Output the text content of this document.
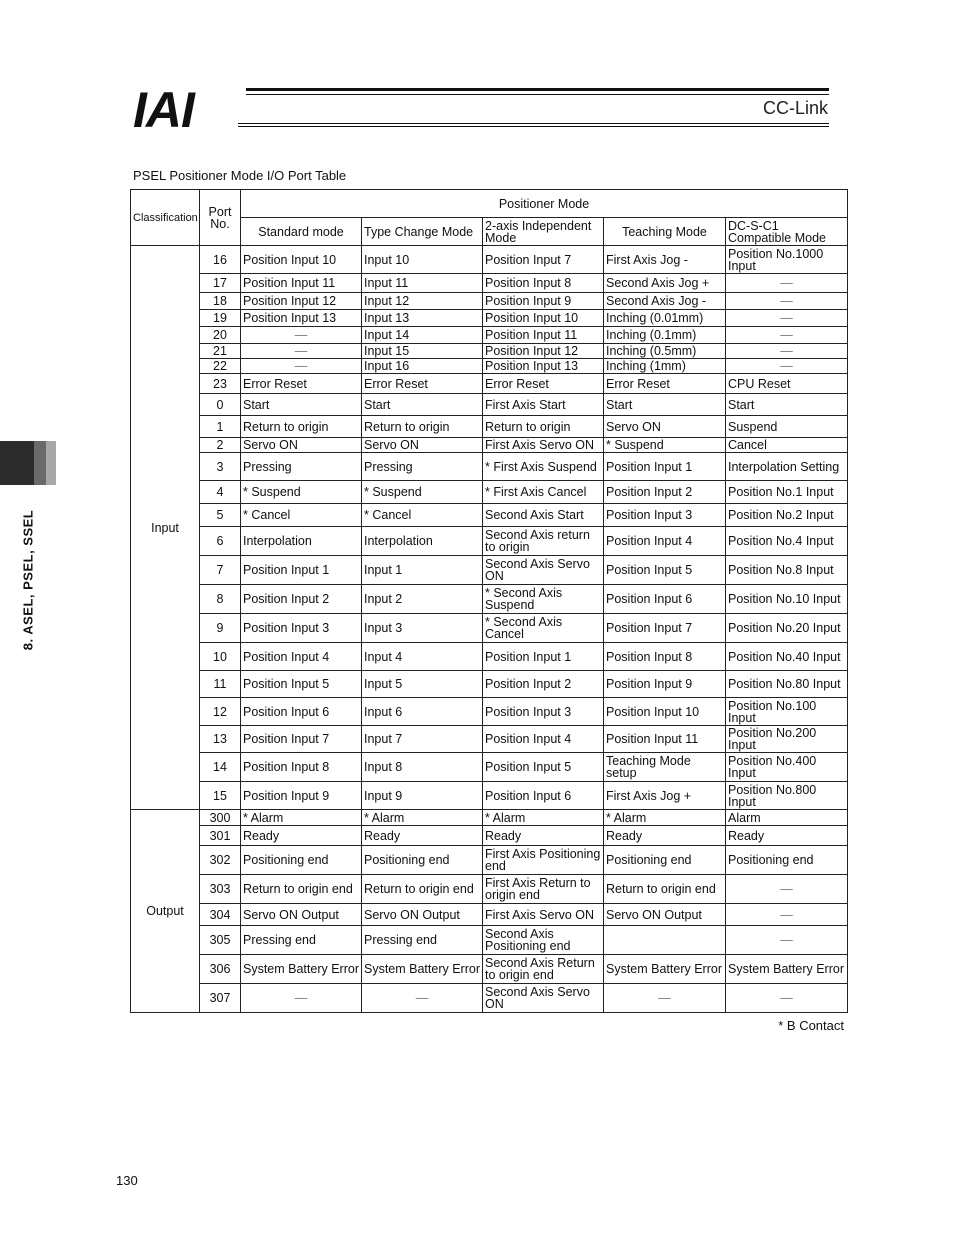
IAI	CC-Link
8. ASEL, PSEL, SSEL
PSEL Positioner Mode I/O Port Table
Classification	Port No.	Positioner Mode				
		Standard mode	Type Change Mode	2-axis Independent Mode	Teaching Mode	DC-S-C1 Compatible Mode
Input	16	Position Input 10	Input 10	Position Input 7	First Axis Jog -	Position No.1000 Input
	17	Position Input 11	Input 11	Position Input 8	Second Axis Jog +	—
	18	Position Input 12	Input 12	Position Input 9	Second Axis Jog -	—
	19	Position Input 13	Input 13	Position Input 10	Inching (0.01mm)	—
	20	—	Input 14	Position Input 11	Inching (0.1mm)	—
	21	—	Input 15	Position Input 12	Inching (0.5mm)	—
	22	—	Input 16	Position Input 13	Inching (1mm)	—
	23	Error Reset	Error Reset	Error Reset	Error Reset	CPU Reset
	0	Start	Start	First Axis Start	Start	Start
	1	Return to origin	Return to origin	Return to origin	Servo ON	Suspend
	2	Servo ON	Servo ON	First Axis Servo ON	* Suspend	Cancel
	3	Pressing	Pressing	* First Axis Suspend	Position Input 1	Interpolation Setting
	4	* Suspend	* Suspend	* First Axis Cancel	Position Input 2	Position No.1 Input
	5	* Cancel	* Cancel	Second Axis Start	Position Input 3	Position No.2 Input
	6	Interpolation	Interpolation	Second Axis return to origin	Position Input 4	Position No.4 Input
	7	Position Input 1	Input 1	Second Axis Servo ON	Position Input 5	Position No.8 Input
	8	Position Input 2	Input 2	* Second Axis Suspend	Position Input 6	Position No.10 Input
	9	Position Input 3	Input 3	* Second Axis Cancel	Position Input 7	Position No.20 Input
	10	Position Input 4	Input 4	Position Input 1	Position Input 8	Position No.40 Input
	11	Position Input 5	Input 5	Position Input 2	Position Input 9	Position No.80 Input
	12	Position Input 6	Input 6	Position Input 3	Position Input 10	Position No.100 Input
	13	Position Input 7	Input 7	Position Input 4	Position Input 11	Position No.200 Input
	14	Position Input 8	Input 8	Position Input 5	Teaching Mode setup	Position No.400 Input
	15	Position Input 9	Input 9	Position Input 6	First Axis Jog +	Position No.800 Input
Output	300	* Alarm	* Alarm	* Alarm	* Alarm	Alarm
	301	Ready	Ready	Ready	Ready	Ready
	302	Positioning end	Positioning end	First Axis Positioning end	Positioning end	Positioning end
	303	Return to origin end	Return to origin end	First Axis Return to origin end	Return to origin end	—
	304	Servo ON Output	Servo ON Output	First Axis Servo ON	Servo ON Output	—
	305	Pressing end	Pressing end	Second Axis Positioning end		—
	306	System Battery Error	System Battery Error	Second Axis Return to origin end	System Battery Error	System Battery Error
	307	—	—	Second Axis Servo ON	—	—
* B Contact
130
